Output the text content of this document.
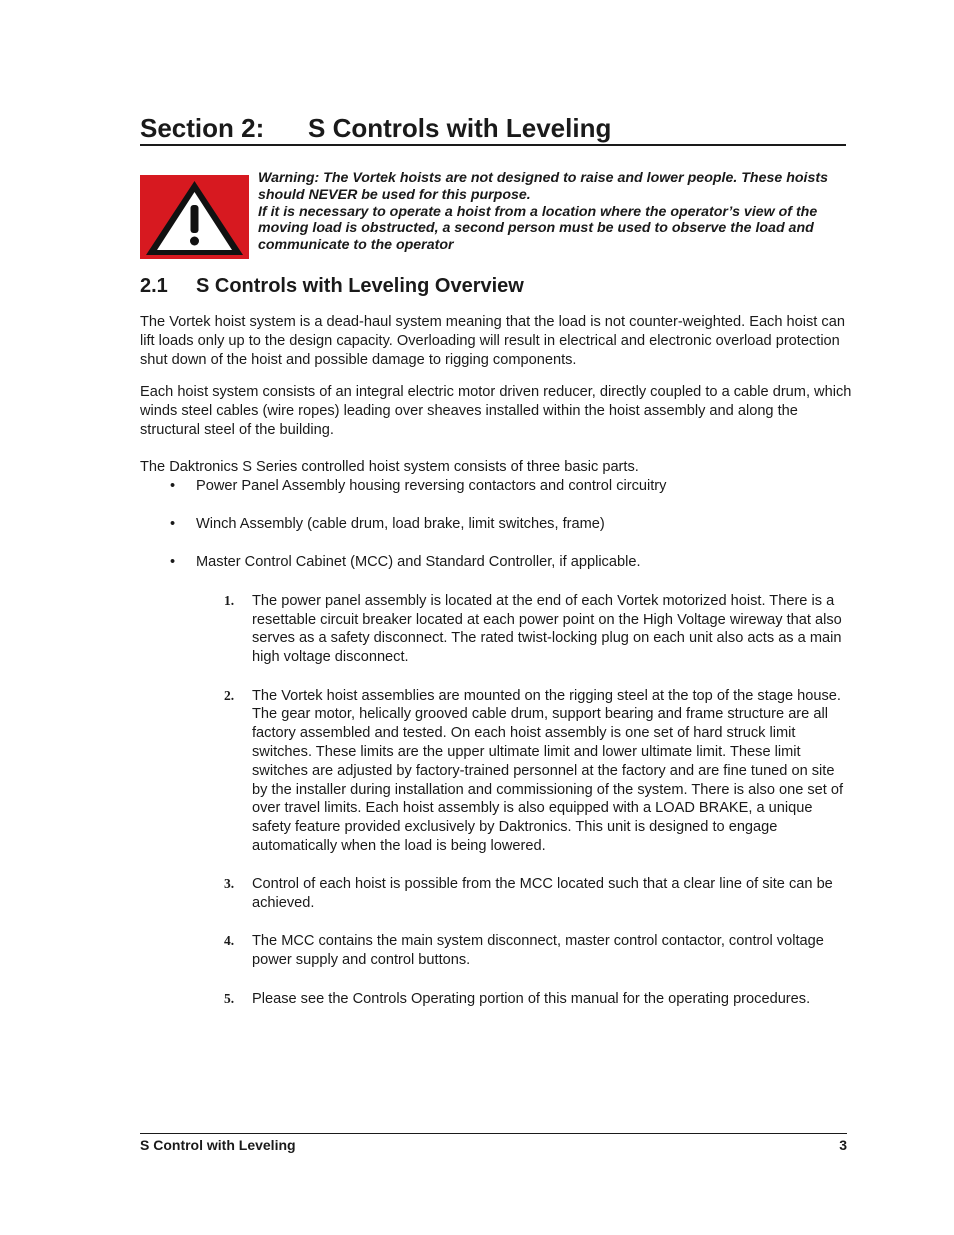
Section 2: S Controls with Leveling

Warning: The Vortek hoists are not designed to raise and lower people. These hoists should NEVER be used for this purpose.

If it is necessary to operate a hoist from a location where the operator’s view of the moving load is obstructed, a second person must be used to observe the load and communicate to the operator

2.1 S Controls with Leveling Overview

The Vortek hoist system is a dead-haul system meaning that the load is not counter-weighted. Each hoist can lift loads only up to the design capacity. Overloading will result in electrical and electronic overload protection shut down of the hoist and possible damage to rigging components.

Each hoist system consists of an integral electric motor driven reducer, directly coupled to a cable drum, which winds steel cables (wire ropes) leading over sheaves installed within the hoist assembly and along the structural steel of the building.

The Daktronics S Series controlled hoist system consists of three basic parts.

• Power Panel Assembly housing reversing contactors and control circuitry
• Winch Assembly (cable drum, load brake, limit switches, frame)
• Master Control Cabinet (MCC) and Standard Controller, if applicable.
1. The power panel assembly is located at the end of each Vortek motorized hoist. There is a resettable circuit breaker located at each power point on the High Voltage wireway that also serves as a safety disconnect. The rated twist-locking plug on each unit also acts as a main high voltage disconnect.
2. The Vortek hoist assemblies are mounted on the rigging steel at the top of the stage house. The gear motor, helically grooved cable drum, support bearing and frame structure are all factory assembled and tested. On each hoist assembly is one set of hard struck limit switches. These limits are the upper ultimate limit and lower ultimate limit. These limit switches are adjusted by factory-trained personnel at the factory and are fine tuned on site by the installer during installation and commissioning of the system. There is also one set of over travel limits. Each hoist assembly is also equipped with a LOAD BRAKE, a unique safety feature provided exclusively by Daktronics. This unit is designed to engage automatically when the load is being lowered.
3. Control of each hoist is possible from the MCC located such that a clear line of site can be achieved.
4. The MCC contains the main system disconnect, master control contactor, control voltage power supply and control buttons.
5. Please see the Controls Operating portion of this manual for the operating procedures.
S Control with Leveling	3
